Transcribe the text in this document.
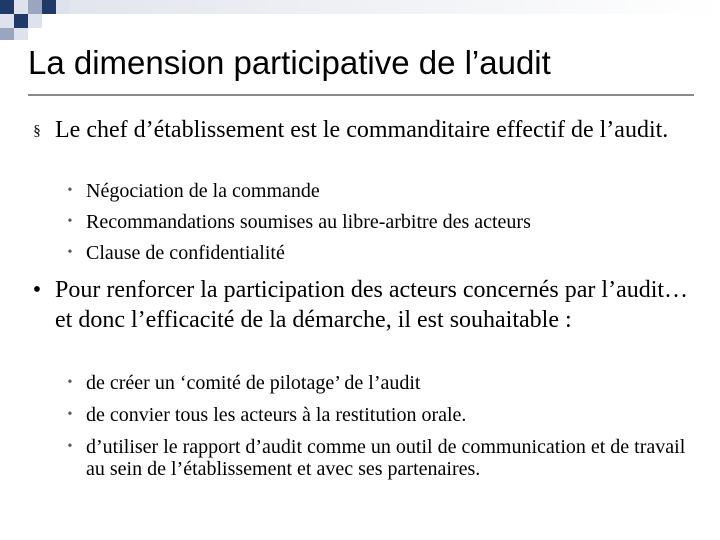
La dimension participative de l’audit
§ Le chef d’établissement est le commanditaire effectif de l’audit.
• Négociation de la commande
• Recommandations soumises au libre-arbitre des acteurs
• Clause de confidentialité
• Pour renforcer la participation des acteurs concernés par l’audit… et donc l’efficacité de la démarche, il est souhaitable :
• de créer un ‘comité de pilotage’ de l’audit
• de convier tous les acteurs à la restitution orale.
• d’utiliser le rapport d’audit comme un outil de communication et de travail au sein de l’établissement et avec ses partenaires.
